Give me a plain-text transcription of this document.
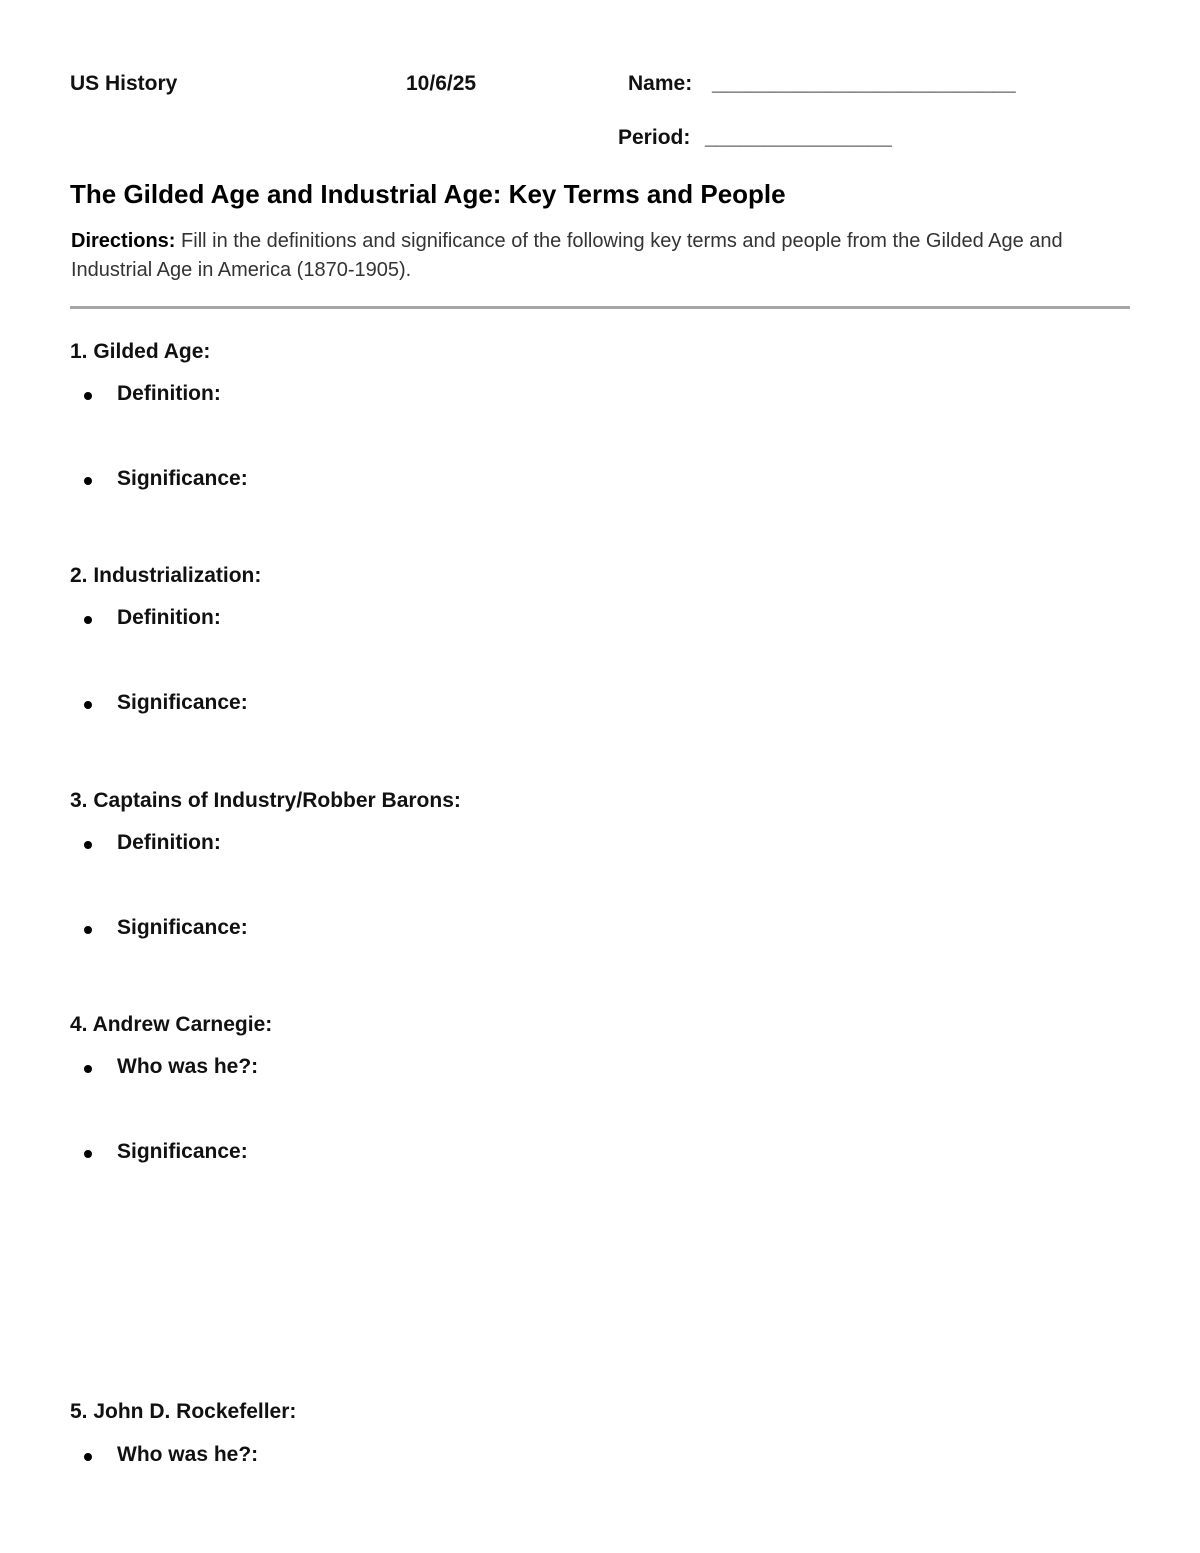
US History	10/6/25	Name: __________________________
Period: ________________
The Gilded Age and Industrial Age: Key Terms and People
Directions: Fill in the definitions and significance of the following key terms and people from the Gilded Age and Industrial Age in America (1870-1905).
1. Gilded Age:
Definition:
Significance:
2. Industrialization:
Definition:
Significance:
3. Captains of Industry/Robber Barons:
Definition:
Significance:
4. Andrew Carnegie:
Who was he?:
Significance:
5. John D. Rockefeller:
Who was he?:
